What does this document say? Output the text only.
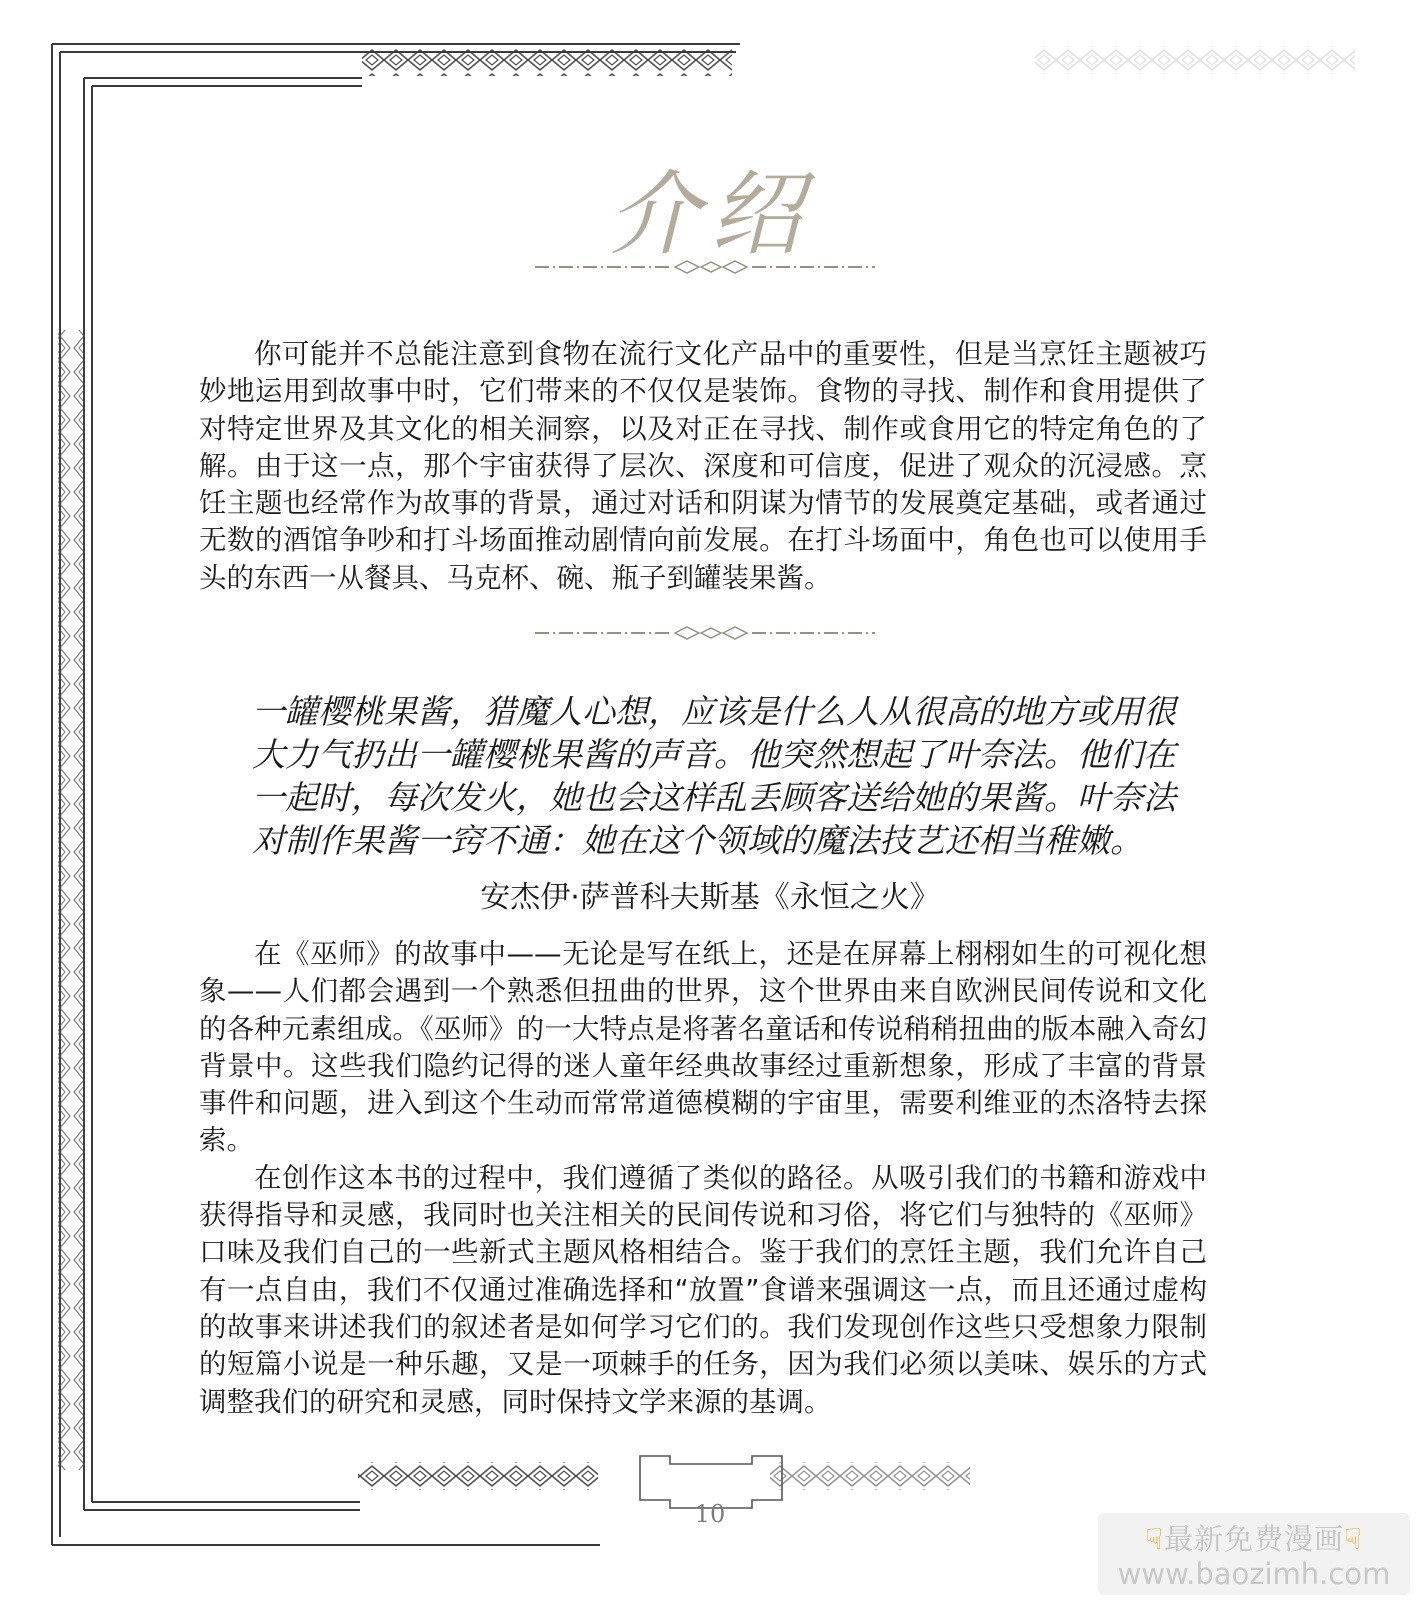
介绍

你可能并不总能注意到食物在流行文化产品中的重要性，但是当烹饪主题被巧妙地运用到故事中时，它们带来的不仅仅是装饰。食物的寻找、制作和食用提供了对特定世界及其文化的相关洞察，以及对正在寻找、制作或食用它的特定角色的了解。由于这一点，那个宇宙获得了层次、深度和可信度，促进了观众的沉浸感。烹饪主题也经常作为故事的背景，通过对话和阴谋为情节的发展奠定基础，或者通过无数的酒馆争吵和打斗场面推动剧情向前发展。在打斗场面中，角色也可以使用手头的东西一从餐具、马克杯、碗、瓶子到罐装果酱。

一罐樱桃果酱，猎魔人心想，应该是什么人从很高的地方或用很大力气扔出一罐樱桃果酱的声音。他突然想起了叶奈法。他们在一起时，每次发火，她也会这样乱丢顾客送给她的果酱。叶奈法对制作果酱一窍不通：她在这个领域的魔法技艺还相当稚嫩。

安杰伊·萨普科夫斯基《永恒之火》

在《巫师》的故事中——无论是写在纸上，还是在屏幕上栩栩如生的可视化想象——人们都会遇到一个熟悉但扭曲的世界，这个世界由来自欧洲民间传说和文化的各种元素组成。《巫师》的一大特点是将著名童话和传说稍稍扭曲的版本融入奇幻背景中。这些我们隐约记得的迷人童年经典故事经过重新想象，形成了丰富的背景事件和问题，进入到这个生动而常常道德模糊的宇宙里，需要利维亚的杰洛特去探索。

在创作这本书的过程中，我们遵循了类似的路径。从吸引我们的书籍和游戏中获得指导和灵感，我同时也关注相关的民间传说和习俗，将它们与独特的《巫师》口味及我们自己的一些新式主题风格相结合。鉴于我们的烹饪主题，我们允许自己有一点自由，我们不仅通过准确选择和“放置”食谱来强调这一点，而且还通过虚构的故事来讲述我们的叙述者是如何学习它们的。我们发现创作这些只受想象力限制的短篇小说是一种乐趣，又是一项棘手的任务，因为我们必须以美味、娱乐的方式调整我们的研究和灵感，同时保持文学来源的基调。

10
☟最新免费漫画☟
www.baozimh.com
